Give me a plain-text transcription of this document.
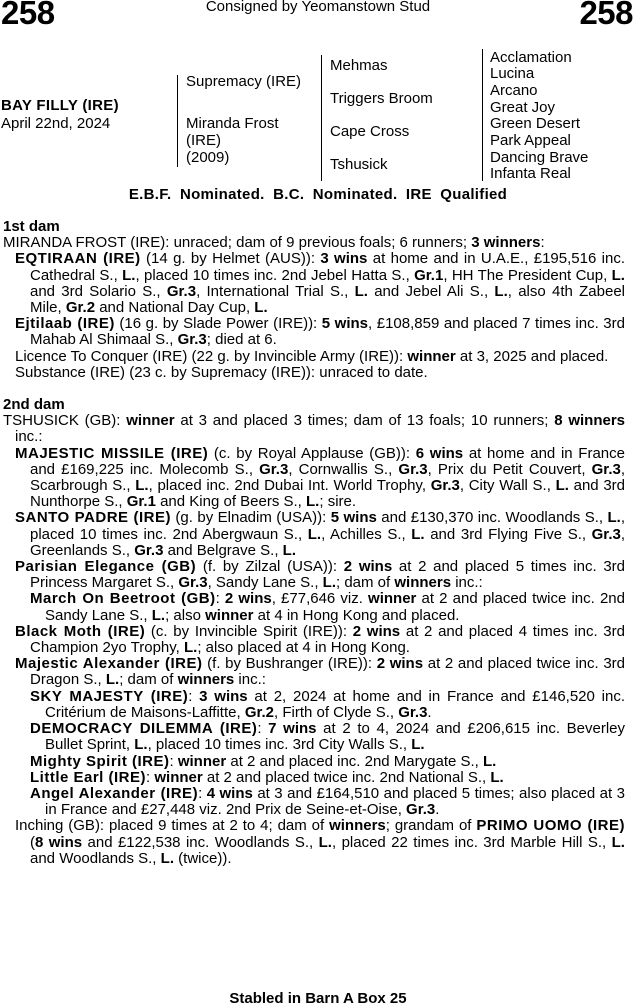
258	Consigned by Yeomanstown Stud	258
BAY FILLY (IRE)
April 22nd, 2024
Supremacy (IRE)
Miranda Frost
(IRE)
(2009)
Mehmas
Triggers Broom
Cape Cross
Tshusick
Acclamation
Lucina
Arcano
Great Joy
Green Desert
Park Appeal
Dancing Brave
Infanta Real
E.B.F. Nominated. B.C. Nominated. IRE Qualified
1st dam
MIRANDA FROST (IRE): unraced; dam of 9 previous foals; 6 runners; 3 winners:
EQTIRAAN (IRE) (14 g. by Helmet (AUS)): 3 wins at home and in U.A.E., £195,516 inc. Cathedral S., L., placed 10 times inc. 2nd Jebel Hatta S., Gr.1, HH The President Cup, L. and 3rd Solario S., Gr.3, International Trial S., L. and Jebel Ali S., L., also 4th Zabeel Mile, Gr.2 and National Day Cup, L.
Ejtilaab (IRE) (16 g. by Slade Power (IRE)): 5 wins, £108,859 and placed 7 times inc. 3rd Mahab Al Shimaal S., Gr.3; died at 6.
Licence To Conquer (IRE) (22 g. by Invincible Army (IRE)): winner at 3, 2025 and placed.
Substance (IRE) (23 c. by Supremacy (IRE)): unraced to date.
2nd dam
TSHUSICK (GB): winner at 3 and placed 3 times; dam of 13 foals; 10 runners; 8 winners inc.:
MAJESTIC MISSILE (IRE) (c. by Royal Applause (GB)): 6 wins at home and in France and £169,225 inc. Molecomb S., Gr.3, Cornwallis S., Gr.3, Prix du Petit Couvert, Gr.3, Scarbrough S., L., placed inc. 2nd Dubai Int. World Trophy, Gr.3, City Wall S., L. and 3rd Nunthorpe S., Gr.1 and King of Beers S., L.; sire.
SANTO PADRE (IRE) (g. by Elnadim (USA)): 5 wins and £130,370 inc. Woodlands S., L., placed 10 times inc. 2nd Abergwaun S., L., Achilles S., L. and 3rd Flying Five S., Gr.3, Greenlands S., Gr.3 and Belgrave S., L.
Parisian Elegance (GB) (f. by Zilzal (USA)): 2 wins at 2 and placed 5 times inc. 3rd Princess Margaret S., Gr.3, Sandy Lane S., L.; dam of winners inc.:
March On Beetroot (GB): 2 wins, £77,646 viz. winner at 2 and placed twice inc. 2nd Sandy Lane S., L.; also winner at 4 in Hong Kong and placed.
Black Moth (IRE) (c. by Invincible Spirit (IRE)): 2 wins at 2 and placed 4 times inc. 3rd Champion 2yo Trophy, L.; also placed at 4 in Hong Kong.
Majestic Alexander (IRE) (f. by Bushranger (IRE)): 2 wins at 2 and placed twice inc. 3rd Dragon S., L.; dam of winners inc.:
SKY MAJESTY (IRE): 3 wins at 2, 2024 at home and in France and £146,520 inc. Critérium de Maisons-Laffitte, Gr.2, Firth of Clyde S., Gr.3.
DEMOCRACY DILEMMA (IRE): 7 wins at 2 to 4, 2024 and £206,615 inc. Beverley Bullet Sprint, L., placed 10 times inc. 3rd City Walls S., L.
Mighty Spirit (IRE): winner at 2 and placed inc. 2nd Marygate S., L.
Little Earl (IRE): winner at 2 and placed twice inc. 2nd National S., L.
Angel Alexander (IRE): 4 wins at 3 and £164,510 and placed 5 times; also placed at 3 in France and £27,448 viz. 2nd Prix de Seine-et-Oise, Gr.3.
Inching (GB): placed 9 times at 2 to 4; dam of winners; grandam of PRIMO UOMO (IRE) (8 wins and £122,538 inc. Woodlands S., L., placed 22 times inc. 3rd Marble Hill S., L. and Woodlands S., L. (twice)).
Stabled in Barn A Box 25
